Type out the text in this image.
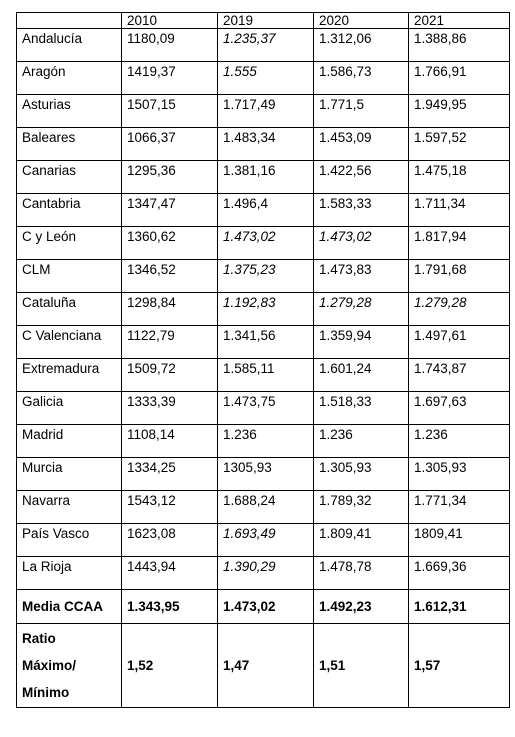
	2010	2019	2020	2021
Andalucía	1180,09	1.235,37	1.312,06	1.388,86
Aragón	1419,37	1.555	1.586,73	1.766,91
Asturias	1507,15	1.717,49	1.771,5	1.949,95
Baleares	1066,37	1.483,34	1.453,09	1.597,52
Canarias	1295,36	1.381,16	1.422,56	1.475,18
Cantabria	1347,47	1.496,4	1.583,33	1.711,34
C y León	1360,62	1.473,02	1.473,02	1.817,94
CLM	1346,52	1.375,23	1.473,83	1.791,68
Cataluña	1298,84	1.192,83	1.279,28	1.279,28
C Valenciana	1122,79	1.341,56	1.359,94	1.497,61
Extremadura	1509,72	1.585,11	1.601,24	1.743,87
Galicia	1333,39	1.473,75	1.518,33	1.697,63
Madrid	1108,14	1.236	1.236	1.236
Murcia	1334,25	1305,93	1.305,93	1.305,93
Navarra	1543,12	1.688,24	1.789,32	1.771,34
País Vasco	1623,08	1.693,49	1.809,41	1809,41
La Rioja	1443,94	1.390,29	1.478,78	1.669,36
Media CCAA	1.343,95	1.473,02	1.492,23	1.612,31

Ratio
Máximo/
Mínimo	1,52	1,47	1,51	1,57
